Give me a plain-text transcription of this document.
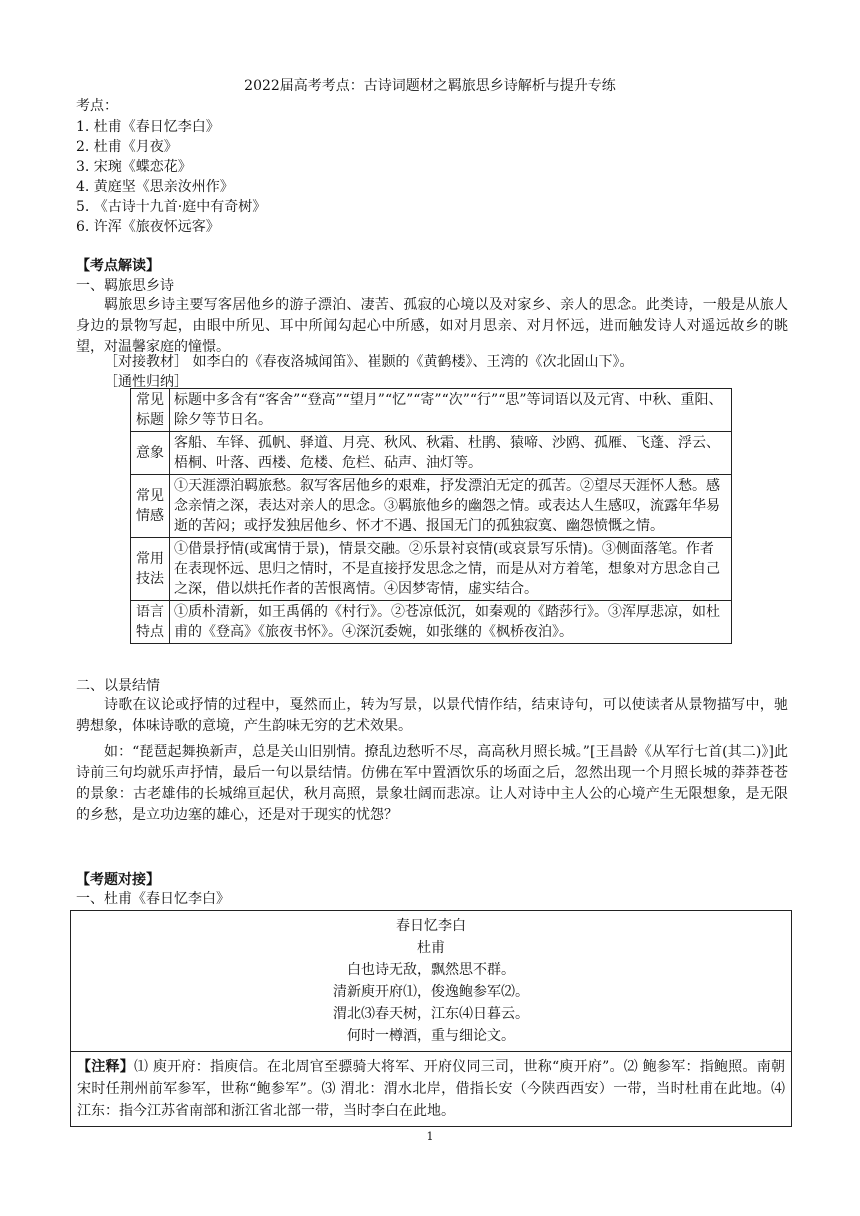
2022届高考考点：古诗词题材之羁旅思乡诗解析与提升专练
考点：
1. 杜甫《春日忆李白》
2. 杜甫《月夜》
3. 宋琬《蝶恋花》
4. 黄庭坚《思亲汝州作》
5. 《古诗十九首·庭中有奇树》
6. 许浑《旅夜怀远客》
【考点解读】
一、羁旅思乡诗
羁旅思乡诗主要写客居他乡的游子漂泊、凄苦、孤寂的心境以及对家乡、亲人的思念。此类诗，一般是从旅人身边的景物写起，由眼中所见、耳中所闻勾起心中所感，如对月思亲、对月怀远，进而触发诗人对遥远故乡的眺望，对温馨家庭的憧憬。
［对接教材］ 如李白的《春夜洛城闻笛》、崔颢的《黄鹤楼》、王湾的《次北固山下》。
［通性归纳］
常见标题	标题中多含有“客舍”“登高”“望月”“忆”“寄”“次”“行”“思”等词语以及元宵、中秋、重阳、除夕等节日名。
意象	客船、车铎、孤帆、驿道、月亮、秋风、秋霜、杜鹃、猿啼、沙鸥、孤雁、飞蓬、浮云、梧桐、叶落、西楼、危楼、危栏、砧声、油灯等。
常见情感	①天涯漂泊羁旅愁。叙写客居他乡的艰难，抒发漂泊无定的孤苦。②望尽天涯怀人愁。感念亲情之深，表达对亲人的思念。③羁旅他乡的幽怨之情。或表达人生感叹，流露年华易逝的苦闷；或抒发独居他乡、怀才不遇、报国无门的孤独寂寞、幽怨愤慨之情。
常用技法	①借景抒情(或寓情于景)，情景交融。②乐景衬哀情(或哀景写乐情)。③侧面落笔。作者在表现怀远、思归之情时，不是直接抒发思念之情，而是从对方着笔，想象对方思念自己之深，借以烘托作者的苦恨离情。④因梦寄情，虚实结合。
语言特点	①质朴清新，如王禹偁的《村行》。②苍凉低沉，如秦观的《踏莎行》。③浑厚悲凉，如杜甫的《登高》《旅夜书怀》。④深沉委婉，如张继的《枫桥夜泊》。
二、以景结情
诗歌在议论或抒情的过程中，戛然而止，转为写景，以景代情作结，结束诗句，可以使读者从景物描写中，驰骋想象，体味诗歌的意境，产生韵味无穷的艺术效果。
如：“琵琶起舞换新声，总是关山旧别情。撩乱边愁听不尽，高高秋月照长城。”[王昌龄《从军行七首(其二)》]此诗前三句均就乐声抒情，最后一句以景结情。仿佛在军中置酒饮乐的场面之后，忽然出现一个月照长城的莽莽苍苍的景象：古老雄伟的长城绵亘起伏，秋月高照，景象壮阔而悲凉。让人对诗中主人公的心境产生无限想象，是无限的乡愁，是立功边塞的雄心，还是对于现实的忧怨？
【考题对接】
一、杜甫《春日忆李白》
春日忆李白
杜甫
白也诗无敌，飘然思不群。
清新庾开府⑴，俊逸鲍参军⑵。
渭北⑶春天树，江东⑷日暮云。
何时一樽酒，重与细论文。
【注释】⑴ 庾开府：指庾信。在北周官至骠骑大将军、开府仪同三司，世称“庾开府”。⑵ 鲍参军：指鲍照。南朝宋时任荆州前军参军，世称“鲍参军”。⑶ 渭北：渭水北岸，借指长安（今陕西西安）一带，当时杜甫在此地。⑷ 江东：指今江苏省南部和浙江省北部一带，当时李白在此地。
1
